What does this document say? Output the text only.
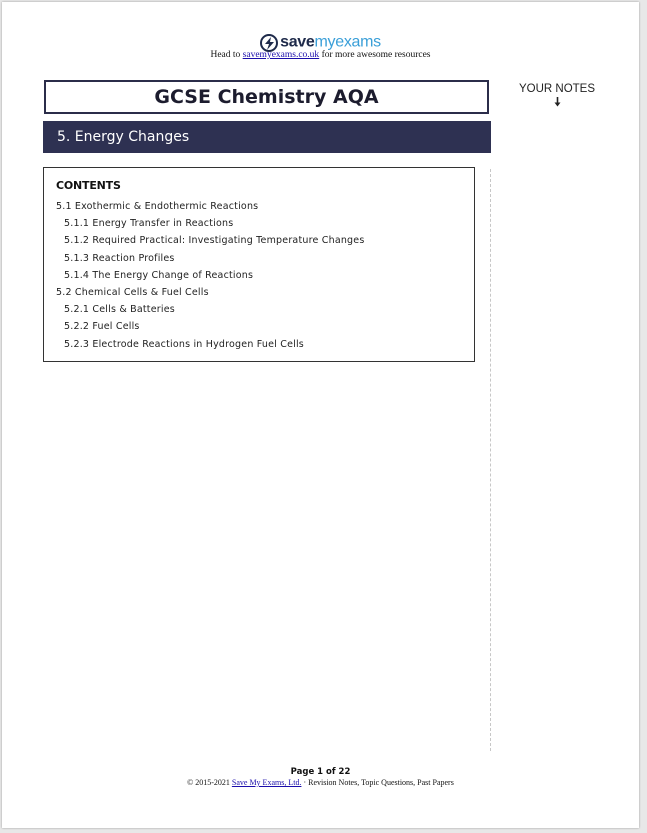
savemyexams
Head to savemyexams.co.uk for more awesome resources
GCSE Chemistry AQA
5. Energy Changes
YOUR NOTES
CONTENTS
5.1 Exothermic & Endothermic Reactions
5.1.1 Energy Transfer in Reactions
5.1.2 Required Practical: Investigating Temperature Changes
5.1.3 Reaction Profiles
5.1.4 The Energy Change of Reactions
5.2 Chemical Cells & Fuel Cells
5.2.1 Cells & Batteries
5.2.2 Fuel Cells
5.2.3 Electrode Reactions in Hydrogen Fuel Cells
Page 1 of 22
© 2015-2021 Save My Exams, Ltd. · Revision Notes, Topic Questions, Past Papers
